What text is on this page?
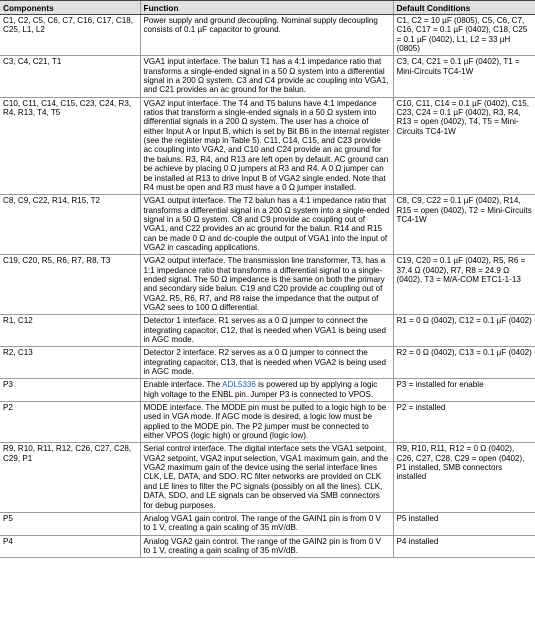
Components	Function	Default Conditions
C1, C2, C5, C6, C7, C16, C17, C18, C25, L1, L2	Power supply and ground decoupling. Nominal supply decoupling consists of 0.1 µF capacitor to ground.	C1, C2 = 10 µF (0805), C5, C6, C7, C16, C17 = 0.1 µF (0402), C18, C25 = 0.1 µF (0402), L1, L2 = 33 µH (0805)
C3, C4, C21, T1	VGA1 input interface. The balun T1 has a 4:1 impedance ratio that transforms a single-ended signal in a 50 Ω system into a differential signal in a 200 Ω system. C3 and C4 provide ac coupling into VGA1, and C21 provides an ac ground for the balun.	C3, C4, C21 = 0.1 µF (0402), T1 = Mini-Circuits TC4-1W
C10, C11, C14, C15, C23, C24, R3, R4, R13, T4, T5	VGA2 input interface. The T4 and T5 baluns have 4:1 impedance ratios that transform a single-ended signals in a 50 Ω system into differential signals in a 200 Ω system. The user has a choice of either Input A or Input B, which is set by Bit B6 in the internal register (see the register map in Table 5). C11, C14, C15, and C23 provide ac coupling into VGA2, and C10 and C24 provide an ac ground for the baluns. R3, R4, and R13 are left open by default. AC ground can be achieve by placing 0 Ω jumpers at R3 and R4. A 0 Ω jumper can be installed at R13 to drive Input B of VGA2 single ended. Note that R4 must be open and R3 must have a 0 Ω jumper installed.	C10, C11, C14 = 0.1 µF (0402), C15, C23, C24 = 0.1 µF (0402), R3, R4, R13 = open (0402), T4, T5 = Mini-Circuits TC4-1W
C8, C9, C22, R14, R15, T2	VGA1 output interface. The T2 balun has a 4:1 impedance ratio that transforms a differential signal in a 200 Ω system into a single-ended signal in a 50 Ω system. C8 and C9 provide ac coupling out of VGA1, and C22 provides an ac ground for the balun. R14 and R15 can be made 0 Ω and dc-couple the output of VGA1 into the input of VGA2 in cascading applications.	C8, C9, C22 = 0.1 µF (0402), R14, R15 = open (0402), T2 = Mini-Circuits TC4-1W
C19, C20, R5, R6, R7, R8, T3	VGA2 output interface. The transmission line transformer, T3, has a 1:1 impedance ratio that transforms a differential signal to a single-ended signal. The 50 Ω impedance is the same on both the primary and secondary side balun. C19 and C20 provide ac coupling out of VGA2. R5, R6, R7, and R8 raise the impedance that the output of VGA2 sees to 100 Ω differential.	C19, C20 = 0.1 µF (0402), R5, R6 = 37.4 Ω (0402), R7, R8 = 24.9 Ω (0402), T3 = M/A-COM ETC1-1-13
R1, C12	Detector 1 interface. R1 serves as a 0 Ω jumper to connect the integrating capacitor, C12, that is needed when VGA1 is being used in AGC mode.	R1 = 0 Ω (0402), C12 = 0.1 µF (0402)
R2, C13	Detector 2 interface. R2 serves as a 0 Ω jumper to connect the integrating capacitor, C13, that is needed when VGA2 is being used in AGC mode.	R2 = 0 Ω (0402), C13 = 0.1 µF (0402)
P3	Enable interface. The ADL5336 is powered up by applying a logic high voltage to the ENBL pin. Jumper P3 is connected to VPOS.	P3 = installed for enable
P2	MODE interface. The MODE pin must be pulled to a logic high to be used in VGA mode. If AGC mode is desired, a logic low must be applied to the MODE pin. The P2 jumper must be connected to either VPOS (logic high) or ground (logic low).	P2 = installed
R9, R10, R11, R12, C26, C27, C28, C29, P1	Serial control interface. The digital interface sets the VGA1 setpoint, VGA2 setpoint, VGA2 input selection, VGA1 maximum gain, and the VGA2 maximum gain of the device using the serial interface lines CLK, LE, DATA, and SDO. RC filter networks are provided on CLK and LE lines to filter the PC signals (possibly on all the lines). CLK, DATA, SDO, and LE signals can be observed via SMB connectors for debug purposes.	R9, R10, R11, R12 = 0 Ω (0402), C26, C27, C28, C29 = open (0402), P1 installed, SMB connectors installed
P5	Analog VGA1 gain control. The range of the GAIN1 pin is from 0 V to 1 V, creating a gain scaling of 35 mV/dB.	P5 installed
P4	Analog VGA2 gain control. The range of the GAIN2 pin is from 0 V to 1 V, creating a gain scaling of 35 mV/dB.	P4 installed
